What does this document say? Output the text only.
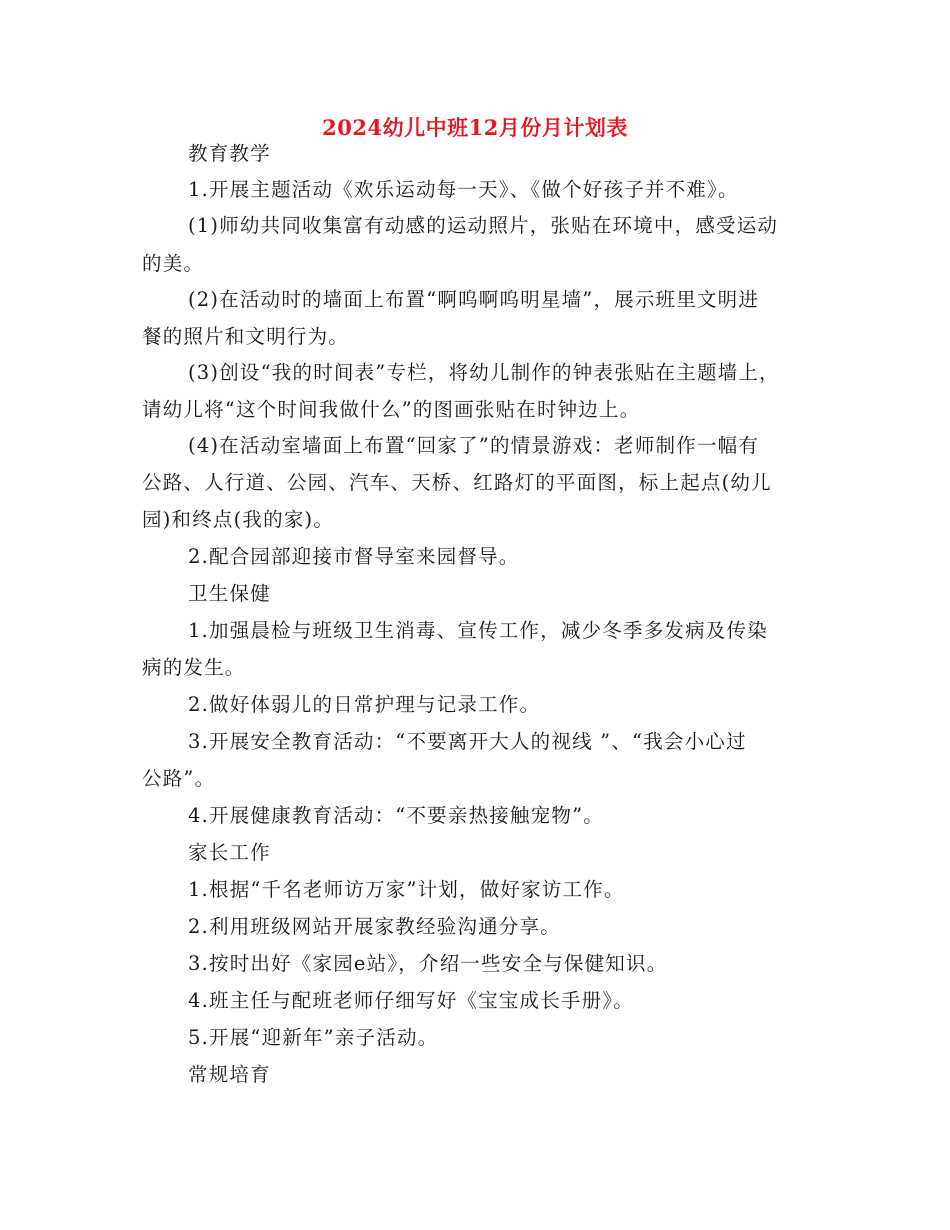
2024幼儿中班12月份月计划表
教育教学
1.开展主题活动《欢乐运动每一天》、《做个好孩子并不难》。
(1)师幼共同收集富有动感的运动照片，张贴在环境中，感受运动
的美。
(2)在活动时的墙面上布置“啊呜啊呜明星墙”，展示班里文明进
餐的照片和文明行为。
(3)创设“我的时间表”专栏，将幼儿制作的钟表张贴在主题墙上，
请幼儿将“这个时间我做什么”的图画张贴在时钟边上。
(4)在活动室墙面上布置“回家了”的情景游戏：老师制作一幅有
公路、人行道、公园、汽车、天桥、红路灯的平面图，标上起点(幼儿
园)和终点(我的家)。
2.配合园部迎接市督导室来园督导。
卫生保健
1.加强晨检与班级卫生消毒、宣传工作，减少冬季多发病及传染
病的发生。
2.做好体弱儿的日常护理与记录工作。
3.开展安全教育活动：“不要离开大人的视线 ”、“我会小心过
公路”。
4.开展健康教育活动：“不要亲热接触宠物”。
家长工作
1.根据“千名老师访万家”计划，做好家访工作。
2.利用班级网站开展家教经验沟通分享。
3.按时出好《家园e站》，介绍一些安全与保健知识。
4.班主任与配班老师仔细写好《宝宝成长手册》。
5.开展“迎新年”亲子活动。
常规培育
